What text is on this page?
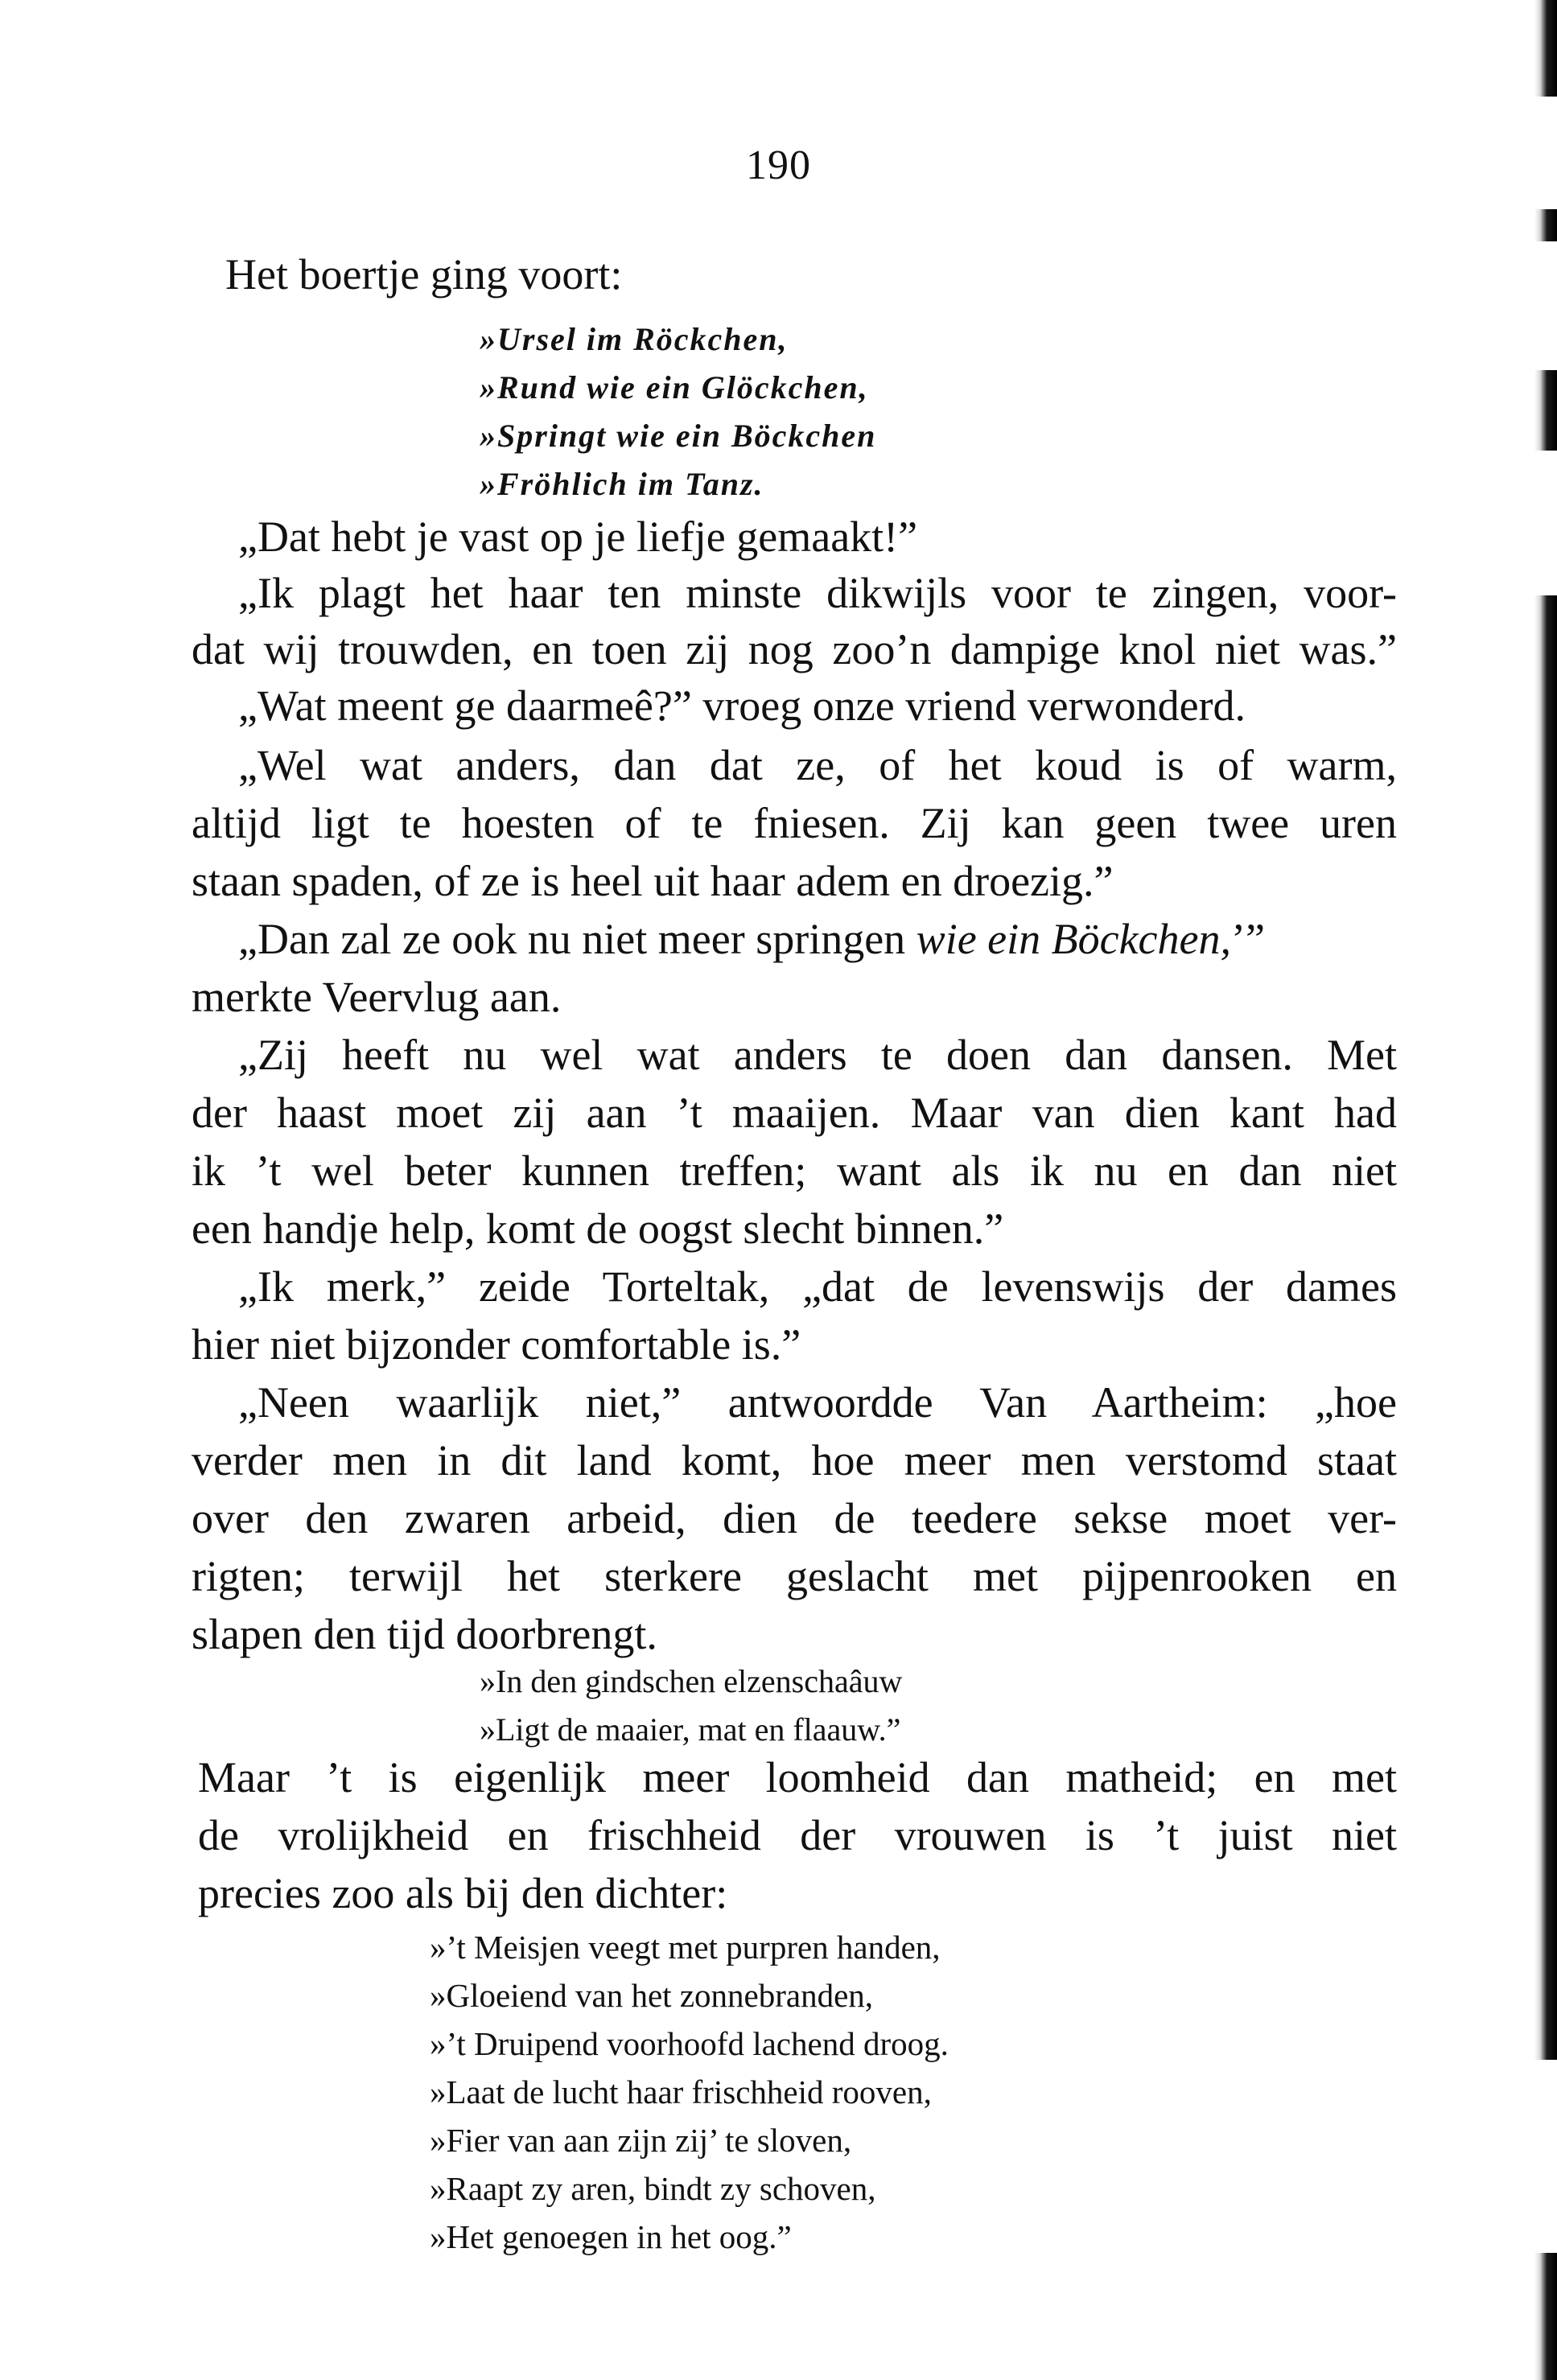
190
Het boertje ging voort:
»Ursel im Röckchen,
»Rund wie ein Glöckchen,
»Springt wie ein Böckchen
»Fröhlich im Tanz.
„Dat hebt je vast op je liefje gemaakt!”
„Ik plagt het haar ten minste dikwijls voor te zingen, voor-
dat wij trouwden, en toen zij nog zoo’n dampige knol niet was.”
„Wat meent ge daarmeê?” vroeg onze vriend verwonderd.
„Wel wat anders, dan dat ze, of het koud is of warm,
altijd ligt te hoesten of te fniesen. Zij kan geen twee uren
staan spaden, of ze is heel uit haar adem en droezig.”
„Dan zal ze ook nu niet meer springen wie ein Böckchen,’”
merkte Veervlug aan.
„Zij heeft nu wel wat anders te doen dan dansen. Met
der haast moet zij aan ’t maaijen. Maar van dien kant had
ik ’t wel beter kunnen treffen; want als ik nu en dan niet
een handje help, komt de oogst slecht binnen.”
„Ik merk,” zeide Torteltak, „dat de levenswijs der dames
hier niet bijzonder comfortable is.”
„Neen waarlijk niet,” antwoordde Van Aartheim: „hoe
verder men in dit land komt, hoe meer men verstomd staat
over den zwaren arbeid, dien de teedere sekse moet ver-
rigten; terwijl het sterkere geslacht met pijpenrooken en
slapen den tijd doorbrengt.
»In den gindschen elzenschaâuw
»Ligt de maaier, mat en flaauw.”
Maar ’t is eigenlijk meer loomheid dan matheid; en met
de vrolijkheid en frischheid der vrouwen is ’t juist niet
precies zoo als bij den dichter:
»’t Meisjen veegt met purpren handen,
»Gloeiend van het zonnebranden,
»’t Druipend voorhoofd lachend droog.
»Laat de lucht haar frischheid rooven,
»Fier van aan zijn zij’ te sloven,
»Raapt zy aren, bindt zy schoven,
»Het genoegen in het oog.”
